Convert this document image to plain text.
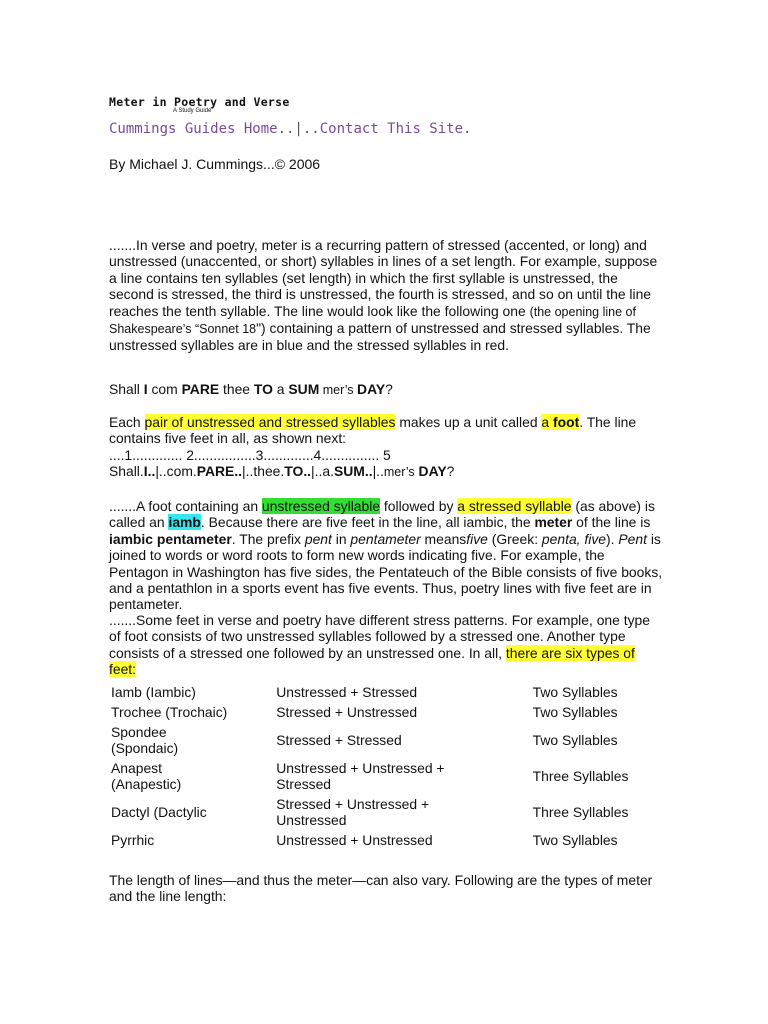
Meter in Poetry and Verse
A Study Guide
Cummings Guides Home..|..Contact This Site.
By Michael J. Cummings...© 2006
.......In verse and poetry, meter is a recurring pattern of stressed (accented, or long) and unstressed (unaccented, or short) syllables in lines of a set length. For example, suppose a line contains ten syllables (set length) in which the first syllable is unstressed, the second is stressed, the third is unstressed, the fourth is stressed, and so on until the line reaches the tenth syllable. The line would look like the following one (the opening line of Shakespeare’s “Sonnet 18") containing a pattern of unstressed and stressed syllables. The unstressed syllables are in blue and the stressed syllables in red.
Shall I com PARE thee TO a SUM mer’s DAY?
Each pair of unstressed and stressed syllables makes up a unit called a foot. The line contains five feet in all, as shown next:
....1............. 2................3.............4............... 5
Shall.I..|..com.PARE..|..thee.TO..|..a.SUM..|..mer’s DAY?
.......A foot containing an unstressed syllable followed by a stressed syllable (as above) is called an iamb. Because there are five feet in the line, all iambic, the meter of the line is iambic pentameter. The prefix pent in pentameter meansfive (Greek: penta, five). Pent is joined to words or word roots to form new words indicating five. For example, the Pentagon in Washington has five sides, the Pentateuch of the Bible consists of five books, and a pentathlon in a sports event has five events. Thus, poetry lines with five feet are in pentameter.
.......Some feet in verse and poetry have different stress patterns. For example, one type of foot consists of two unstressed syllables followed by a stressed one. Another type consists of a stressed one followed by an unstressed one. In all, there are six types of feet:
Iamb (Iambic)	Unstressed + Stressed	Two Syllables
Trochee (Trochaic)	Stressed + Unstressed	Two Syllables
Spondee (Spondaic)	Stressed + Stressed	Two Syllables
Anapest (Anapestic)	Unstressed + Unstressed + Stressed	Three Syllables
Dactyl (Dactylic	Stressed + Unstressed + Unstressed	Three Syllables
Pyrrhic	Unstressed + Unstressed	Two Syllables
The length of lines—and thus the meter—can also vary. Following are the types of meter and the line length:
